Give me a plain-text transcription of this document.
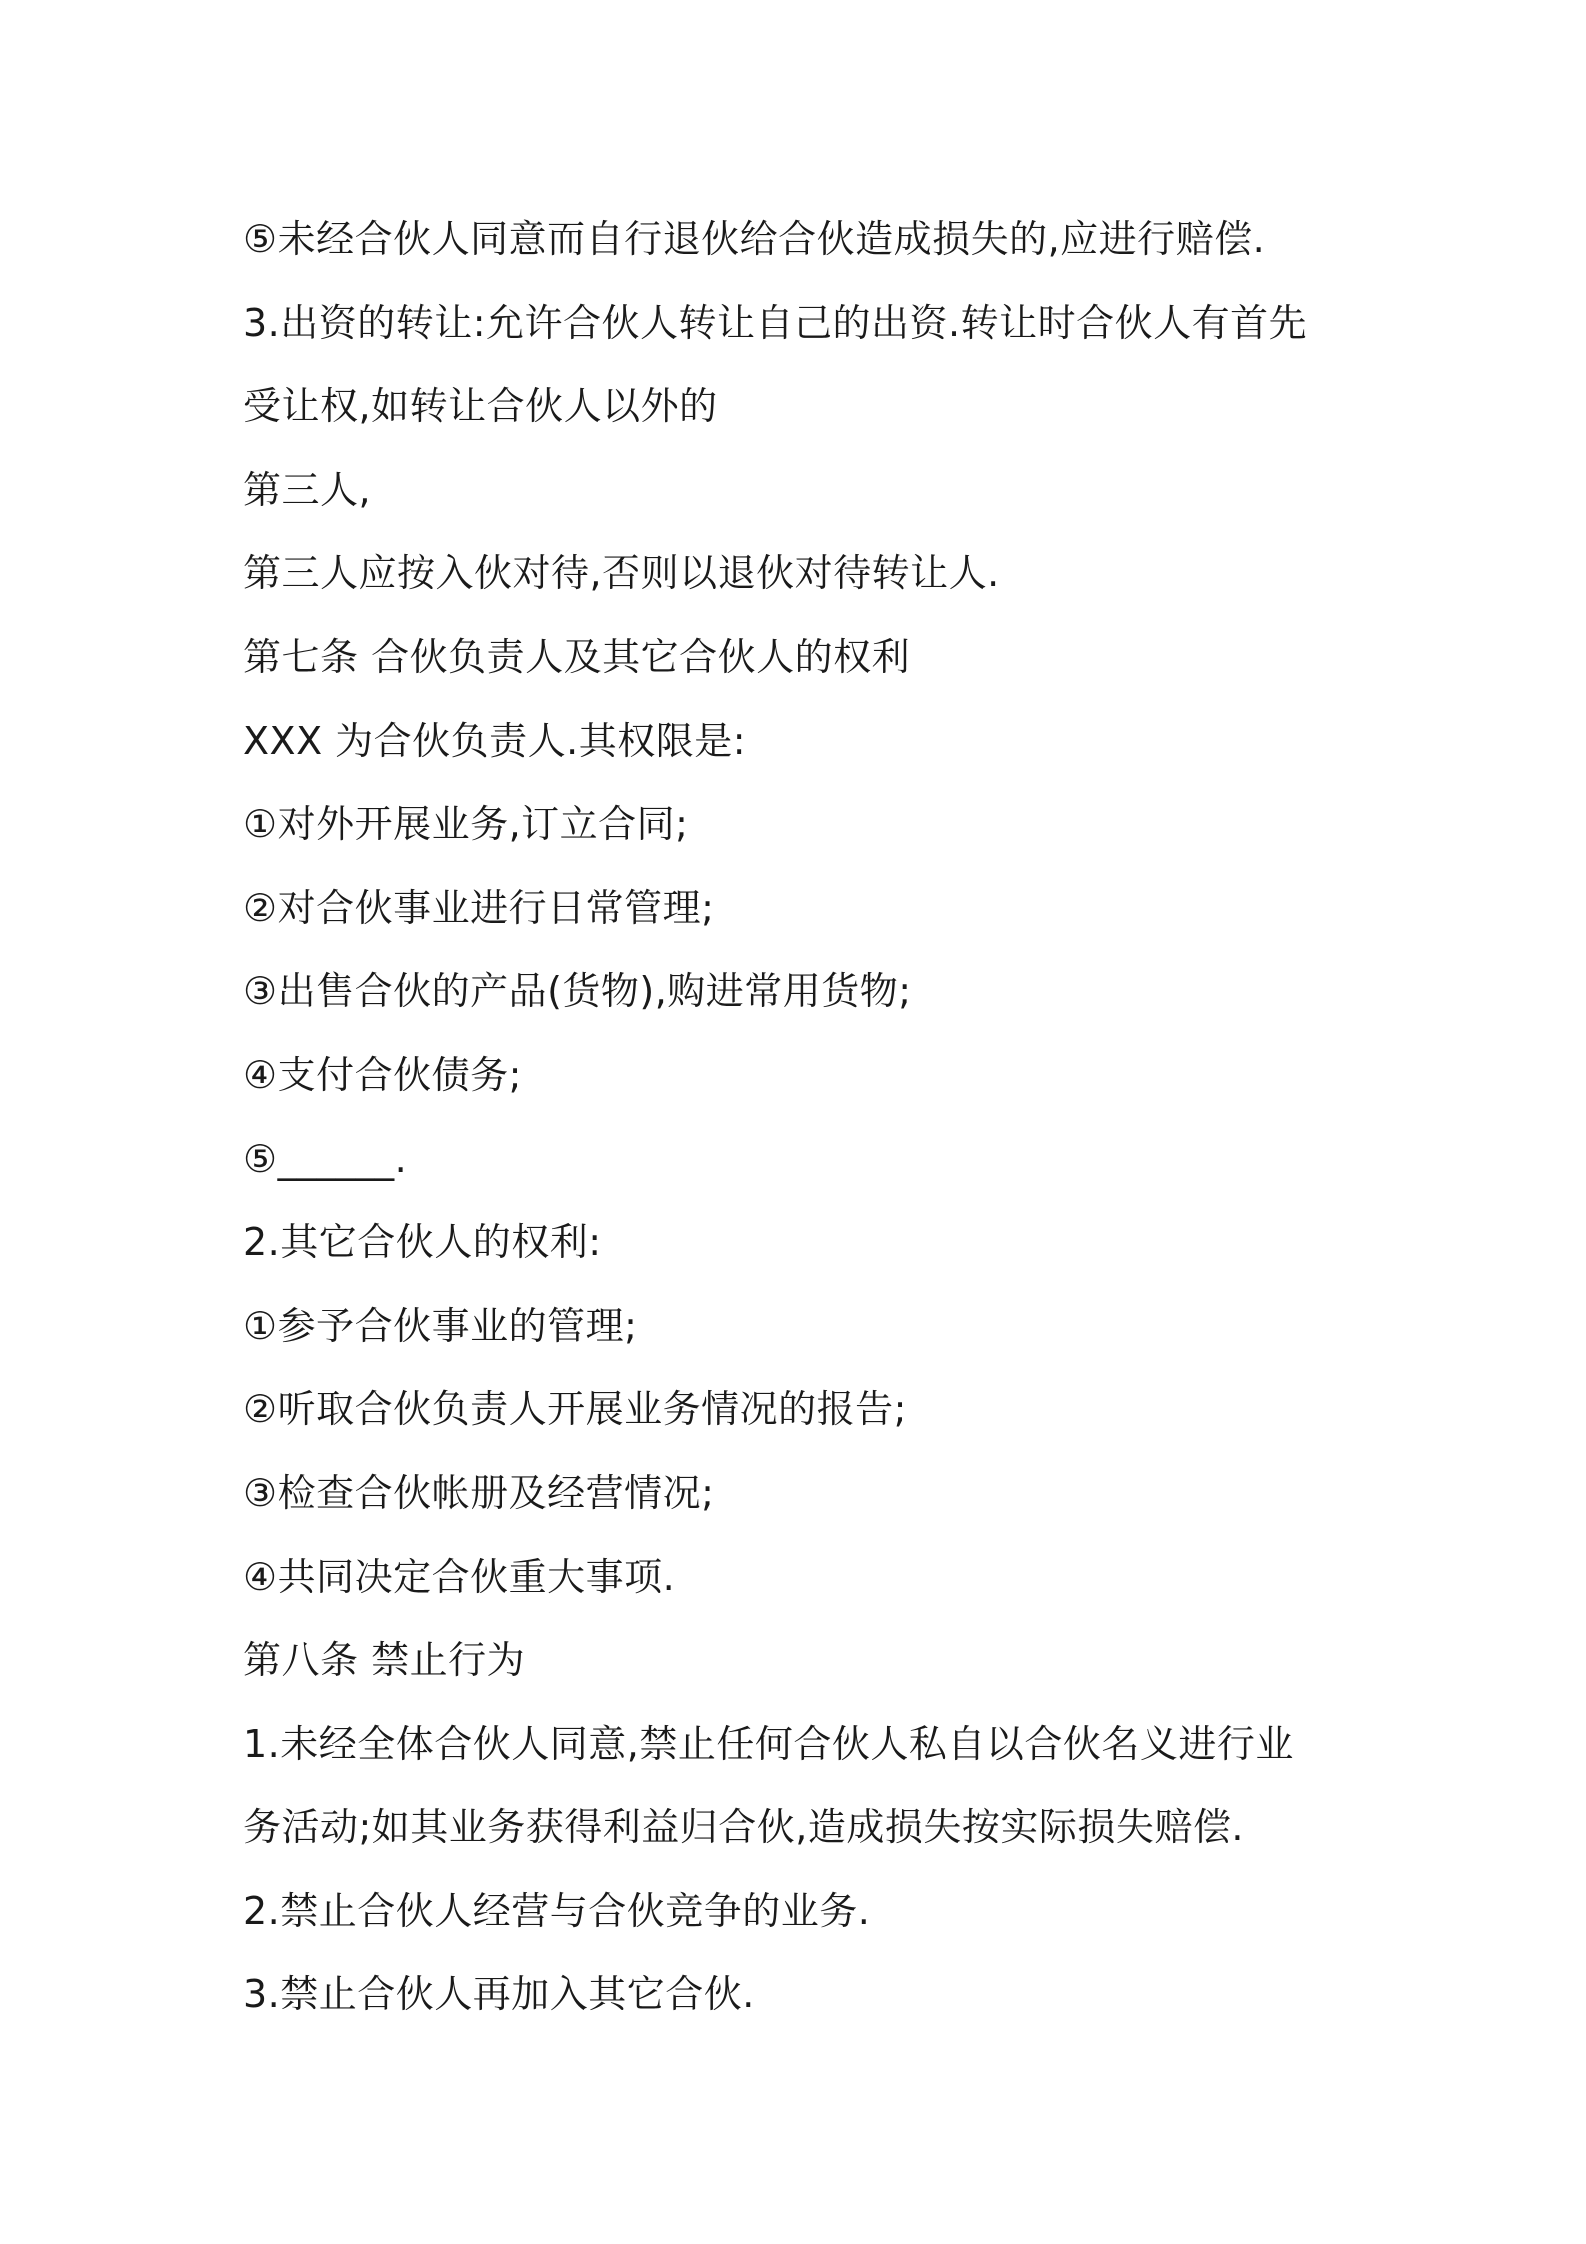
⑤未经合伙人同意而自行退伙给合伙造成损失的,应进行赔偿.
3.出资的转让:允许合伙人转让自己的出资.转让时合伙人有首先
受让权,如转让合伙人以外的
第三人,
第三人应按入伙对待,否则以退伙对待转让人.
第七条 合伙负责人及其它合伙人的权利
XXX 为合伙负责人.其权限是:
①对外开展业务,订立合同;
②对合伙事业进行日常管理;
③出售合伙的产品(货物),购进常用货物;
④支付合伙债务;
⑤______.
2.其它合伙人的权利:
①参予合伙事业的管理;
②听取合伙负责人开展业务情况的报告;
③检查合伙帐册及经营情况;
④共同决定合伙重大事项.
第八条 禁止行为
1.未经全体合伙人同意,禁止任何合伙人私自以合伙名义进行业
务活动;如其业务获得利益归合伙,造成损失按实际损失赔偿.
2.禁止合伙人经营与合伙竞争的业务.
3.禁止合伙人再加入其它合伙.
